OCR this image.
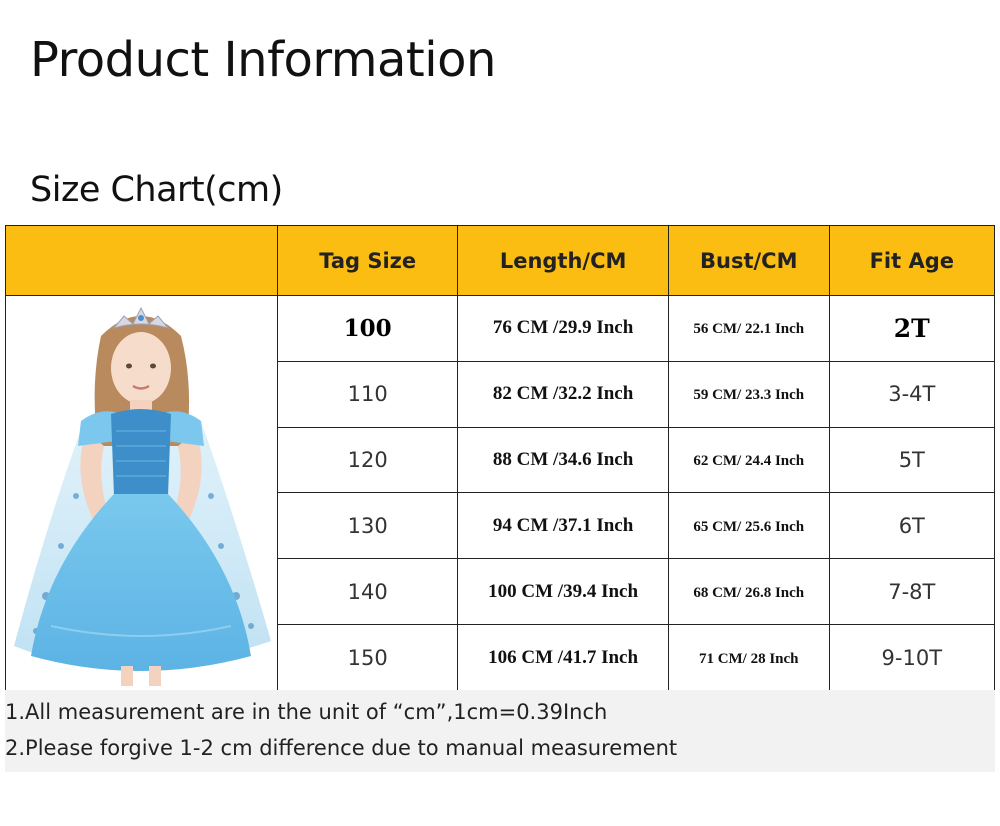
Product Information
Size Chart(cm)
	Tag Size	Length/CM	Bust/CM	Fit Age
	100	76 CM /29.9 Inch	56 CM/ 22.1 Inch	2T
	110	82 CM /32.2 Inch	59 CM/ 23.3 Inch	3-4T
	120	88 CM /34.6 Inch	62 CM/ 24.4 Inch	5T
	130	94 CM /37.1 Inch	65 CM/ 25.6 Inch	6T
	140	100 CM /39.4 Inch	68 CM/ 26.8 Inch	7-8T
	150	106 CM /41.7 Inch	71 CM/ 28 Inch	9-10T
1.All measurement are in the unit of “cm”,1cm=0.39Inch
2.Please forgive 1-2 cm difference due to manual measurement
